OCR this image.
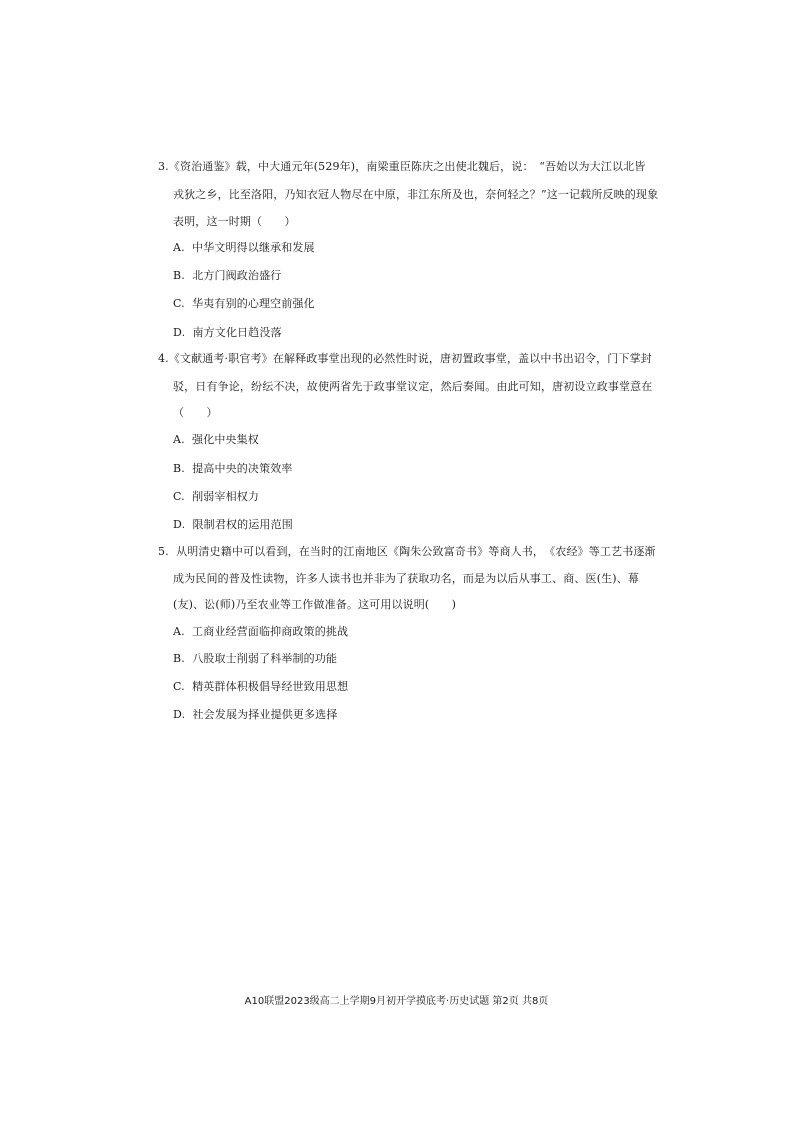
3.《资治通鉴》载，中大通元年(529年)，南梁重臣陈庆之出使北魏后，说：　“吾始以为大江以北皆
戎狄之乡，比至洛阳，乃知衣冠人物尽在中原，非江东所及也，奈何轻之？”这一记载所反映的现象
表明，这一时期（　　）
A. 中华文明得以继承和发展
B. 北方门阀政治盛行
C. 华夷有别的心理空前强化
D. 南方文化日趋没落
4.《文献通考·职官考》在解释政事堂出现的必然性时说，唐初置政事堂，盖以中书出诏令，门下掌封
驳，日有争论，纷纭不决，故使两省先于政事堂议定，然后奏闻。由此可知，唐初设立政事堂意在
（　　）
A. 强化中央集权
B. 提高中央的决策效率
C. 削弱宰相权力
D. 限制君权的运用范围
5. 从明清史籍中可以看到，在当时的江南地区《陶朱公致富奇书》等商人书，　《农经》等工艺书逐渐
成为民间的普及性读物，许多人读书也并非为了获取功名，而是为以后从事工、商、医(生)、幕
(友)、讼(师)乃至农业等工作做准备。这可用以说明(　　)
A. 工商业经营面临抑商政策的挑战
B. 八股取士削弱了科举制的功能
C. 精英群体积极倡导经世致用思想
D. 社会发展为择业提供更多选择
A10联盟2023级高二上学期9月初开学摸底考·历史试题 第2页 共8页
